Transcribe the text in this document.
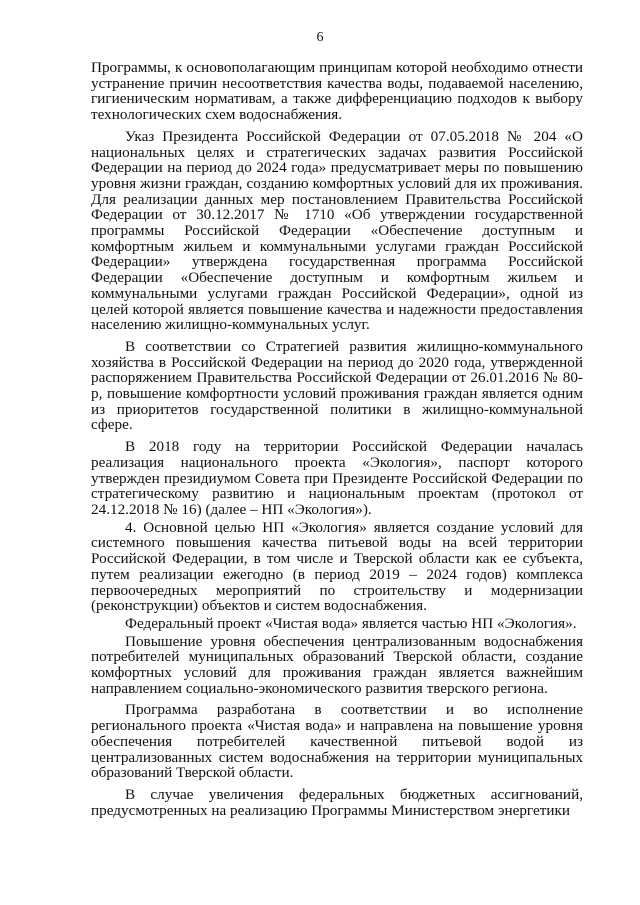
6

Программы, к основополагающим принципам которой необходимо отнести устранение причин несоответствия качества воды, подаваемой населению, гигиеническим нормативам, а также дифференциацию подходов к выбору технологических схем водоснабжения.

Указ Президента Российской Федерации от 07.05.2018 № 204 «О национальных целях и стратегических задачах развития Российской Федерации на период до 2024 года» предусматривает меры по повышению уровня жизни граждан, созданию комфортных условий для их проживания. Для реализации данных мер постановлением Правительства Российской Федерации от 30.12.2017 № 1710 «Об утверждении государственной программы Российской Федерации «Обеспечение доступным и комфортным жильем и коммунальными услугами граждан Российской Федерации» утверждена государственная программа Российской Федерации «Обеспечение доступным и комфортным жильем и коммунальными услугами граждан Российской Федерации», одной из целей которой является повышение качества и надежности предоставления населению жилищно-коммунальных услуг.

В соответствии со Стратегией развития жилищно-коммунального хозяйства в Российской Федерации на период до 2020 года, утвержденной распоряжением Правительства Российской Федерации от 26.01.2016 № 80-р, повышение комфортности условий проживания граждан является одним из приоритетов государственной политики в жилищно-коммунальной сфере.

В 2018 году на территории Российской Федерации началась реализация национального проекта «Экология», паспорт которого утвержден президиумом Совета при Президенте Российской Федерации по стратегическому развитию и национальным проектам (протокол от 24.12.2018 № 16) (далее – НП «Экология»).

4. Основной целью НП «Экология» является создание условий для системного повышения качества питьевой воды на всей территории Российской Федерации, в том числе и Тверской области как ее субъекта, путем реализации ежегодно (в период 2019 – 2024 годов) комплекса первоочередных мероприятий по строительству и модернизации (реконструкции) объектов и систем водоснабжения.

Федеральный проект «Чистая вода» является частью НП «Экология».

Повышение уровня обеспечения централизованным водоснабжения потребителей муниципальных образований Тверской области, создание комфортных условий для проживания граждан является важнейшим направлением социально-экономического развития тверского региона.

Программа разработана в соответствии и во исполнение регионального проекта «Чистая вода» и направлена на повышение уровня обеспечения потребителей качественной питьевой водой из централизованных систем водоснабжения на территории муниципальных образований Тверской области.

В случае увеличения федеральных бюджетных ассигнований, предусмотренных на реализацию Программы Министерством энергетики
